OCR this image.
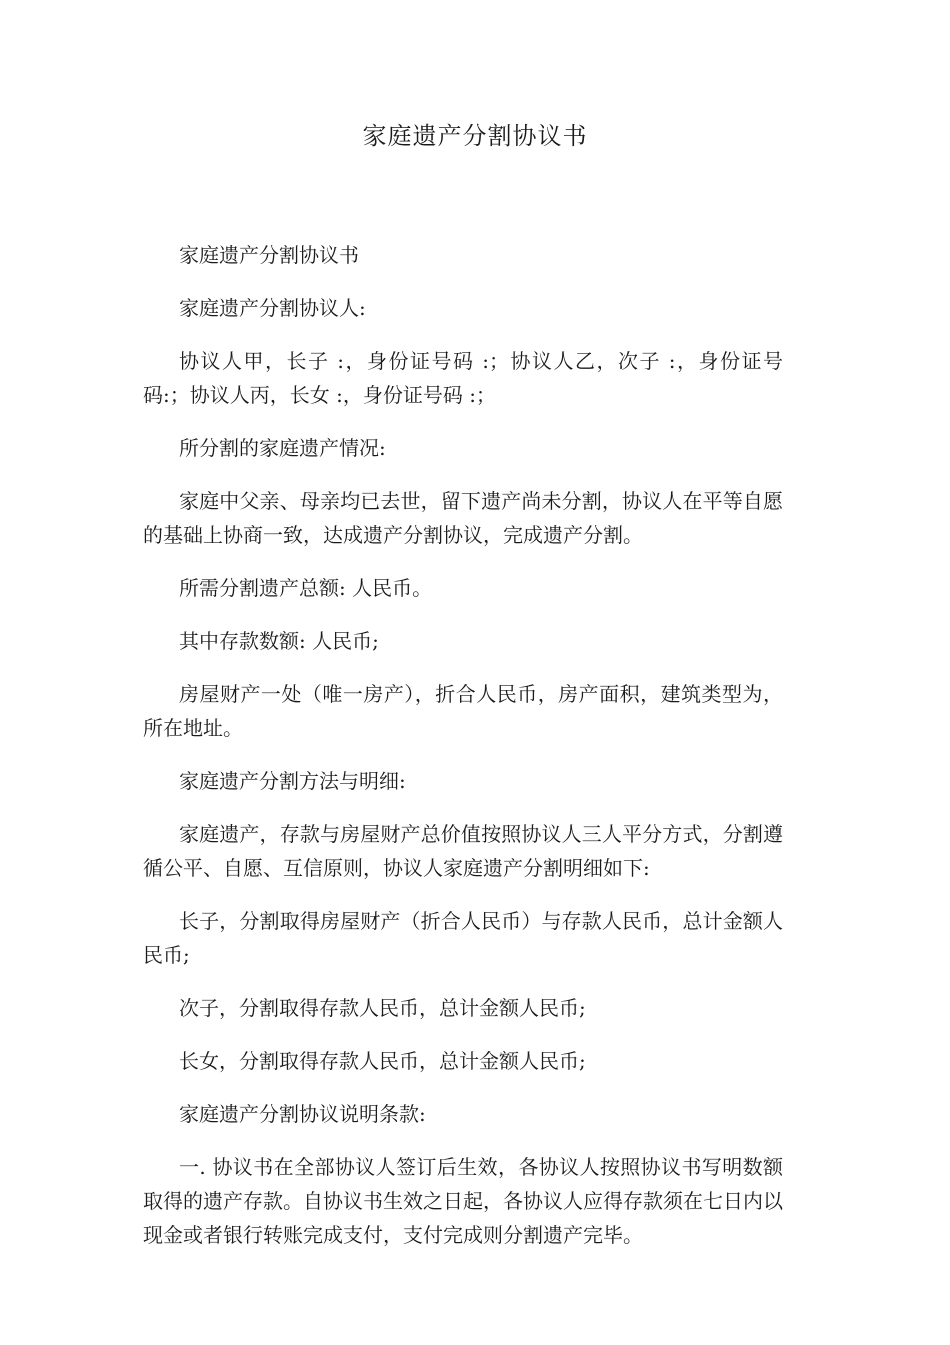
家庭遗产分割协议书

家庭遗产分割协议书

家庭遗产分割协议人:

协议人甲，长子 :，身份证号码 :；协议人乙，次子 :，身份证号码:；协议人丙，长女 :，身份证号码 :；

所分割的家庭遗产情况:

家庭中父亲、母亲均已去世，留下遗产尚未分割，协议人在平等自愿的基础上协商一致，达成遗产分割协议，完成遗产分割。

所需分割遗产总额: 人民币。

其中存款数额: 人民币;

房屋财产一处（唯一房产），折合人民币，房产面积，建筑类型为，所在地址。

家庭遗产分割方法与明细:

家庭遗产，存款与房屋财产总价值按照协议人三人平分方式，分割遵循公平、自愿、互信原则，协议人家庭遗产分割明细如下:

长子，分割取得房屋财产（折合人民币）与存款人民币，总计金额人民币;

次子，分割取得存款人民币，总计金额人民币;

长女，分割取得存款人民币，总计金额人民币;

家庭遗产分割协议说明条款:

一. 协议书在全部协议人签订后生效，各协议人按照协议书写明数额取得的遗产存款。自协议书生效之日起，各协议人应得存款须在七日内以现金或者银行转账完成支付，支付完成则分割遗产完毕。
